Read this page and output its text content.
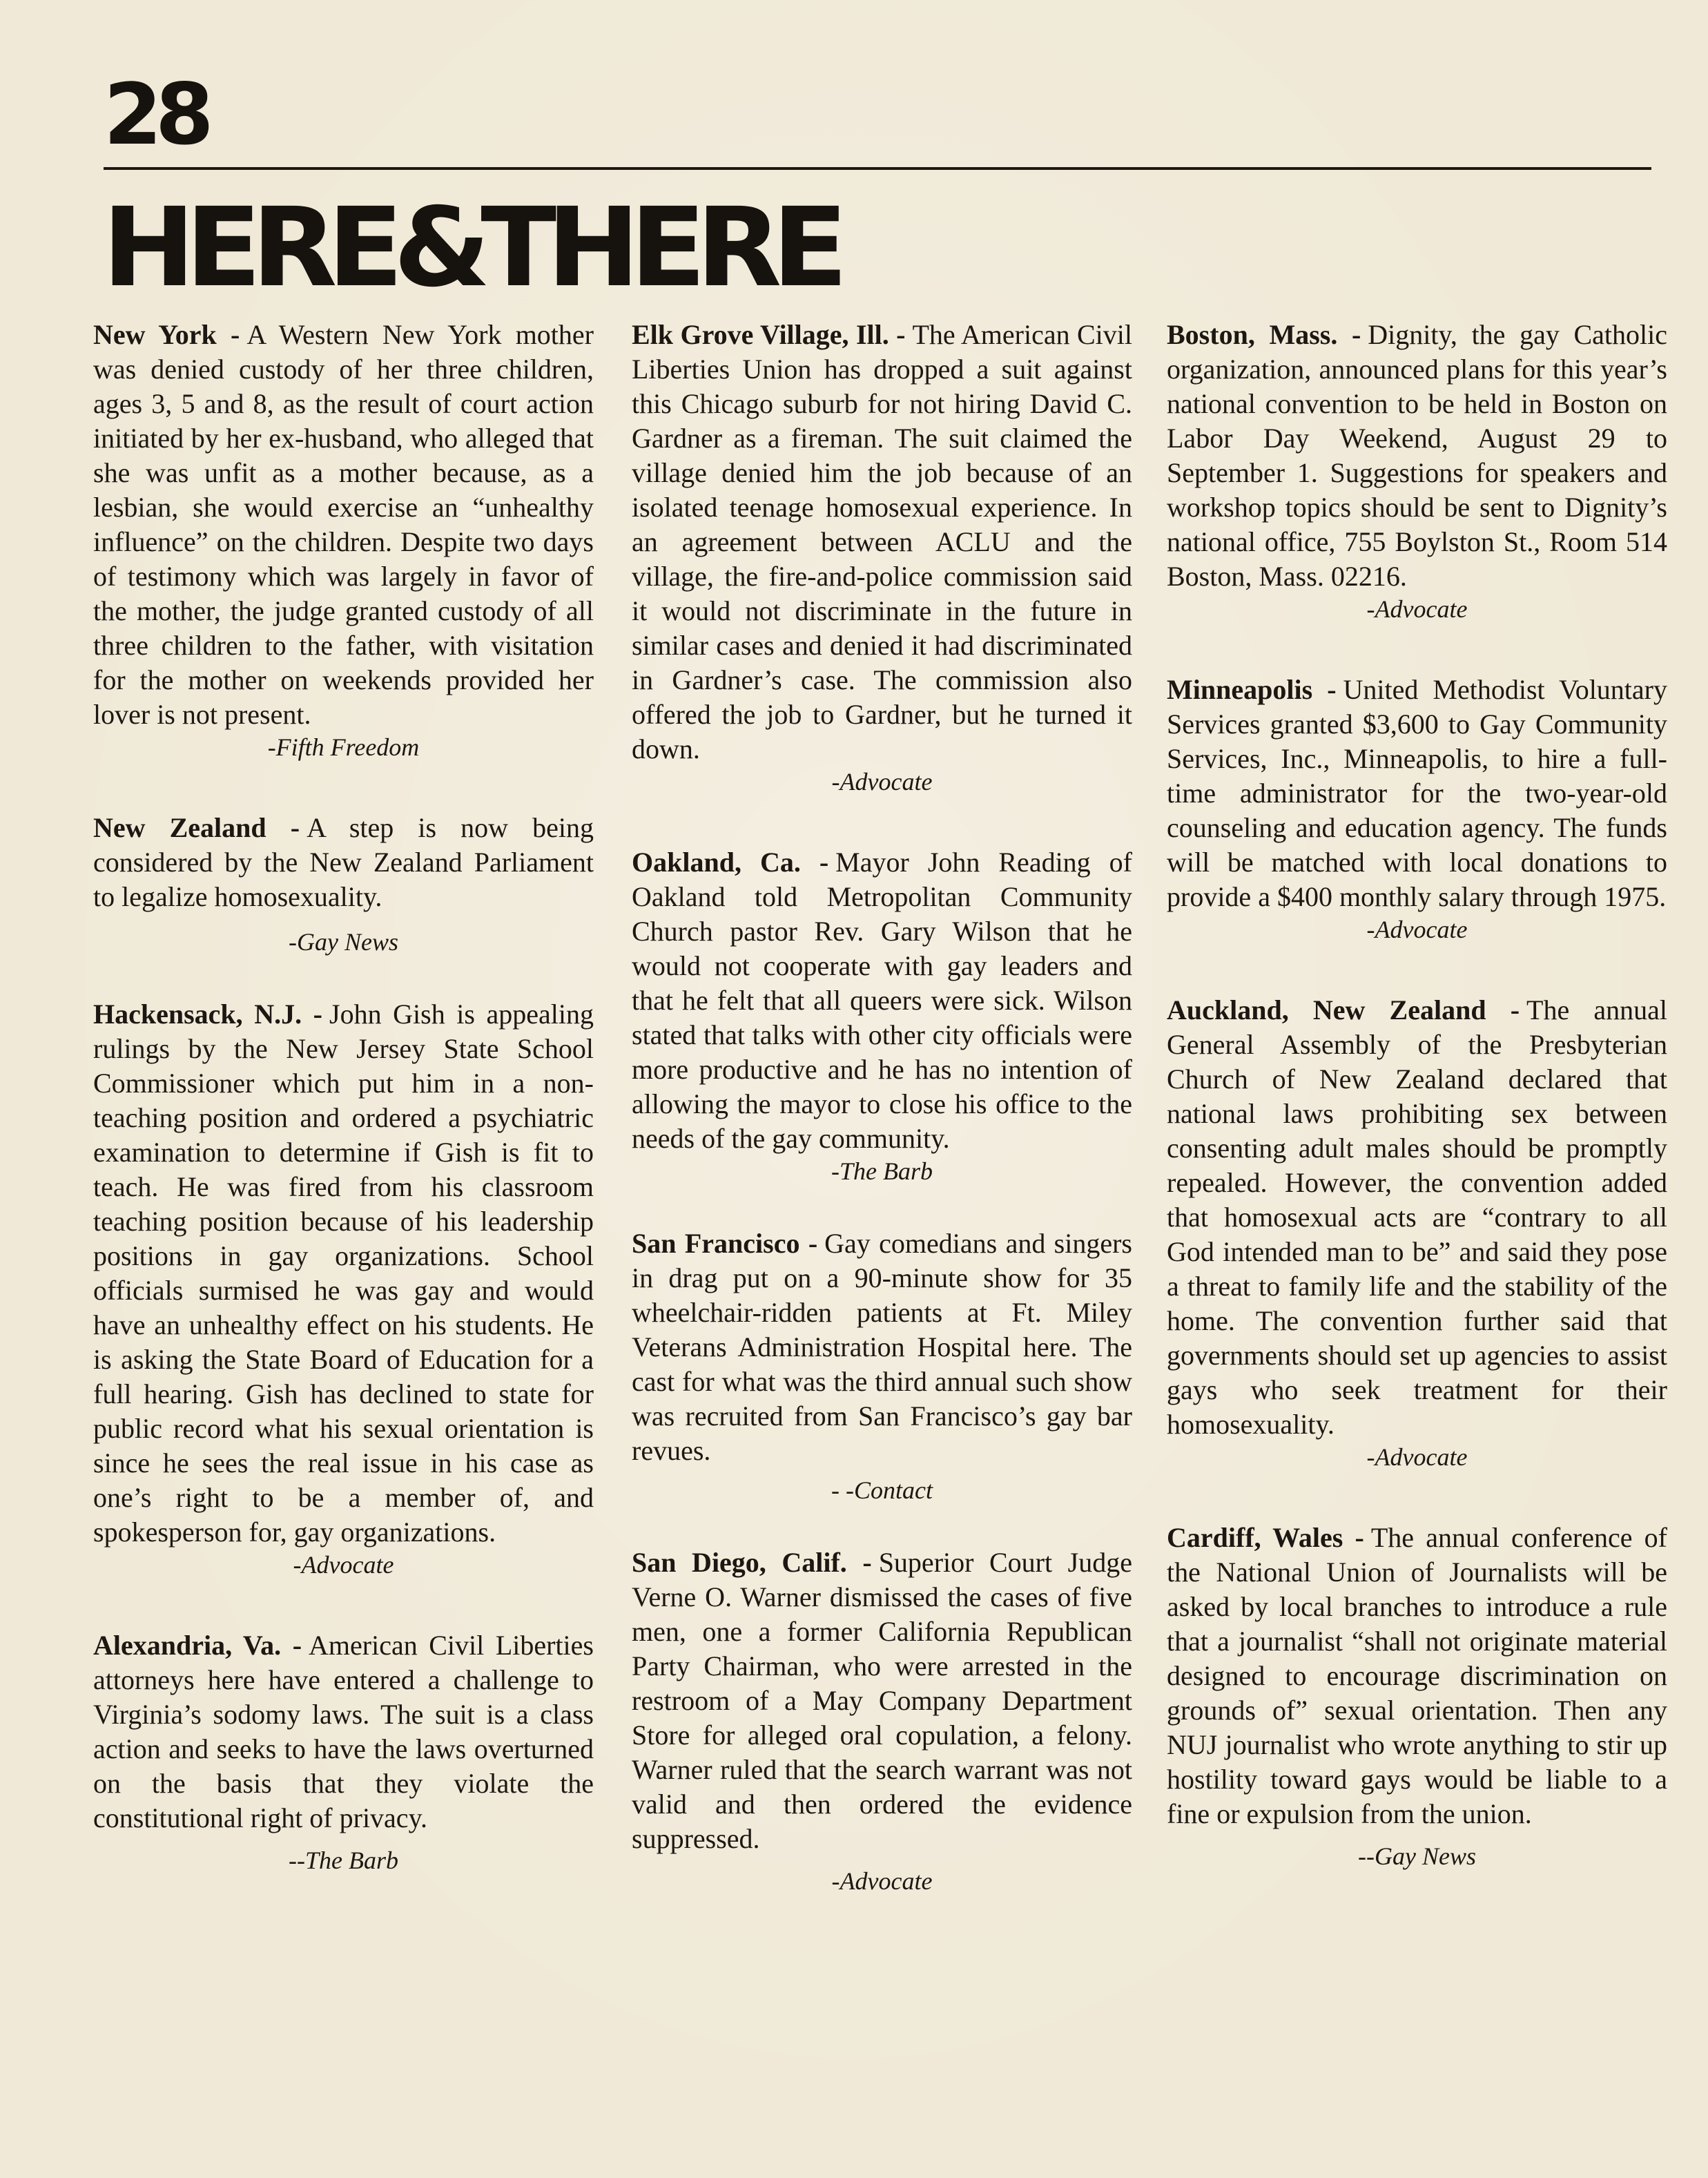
28
HERE&THERE

New York - A Western New York mother was denied custody of her three children, ages 3, 5 and 8, as the result of court action initiated by her ex-husband, who alleged that she was unfit as a mother because, as a lesbian, she would exercise an “unhealthy influence” on the children. Despite two days of testimony which was largely in favor of the mother, the judge granted custody of all three children to the father, with visitation for the mother on weekends provided her lover is not present.

-Fifth Freedom

New Zealand - A step is now being considered by the New Zealand Parliament to legalize homosexuality.

-Gay News

Hackensack, N.J. - John Gish is appealing rulings by the New Jersey State School Commissioner which put him in a non-teaching position and ordered a psychiatric examination to determine if Gish is fit to teach. He was fired from his classroom teaching position because of his leadership positions in gay organizations. School officials surmised he was gay and would have an unhealthy effect on his students. He is asking the State Board of Education for a full hearing. Gish has declined to state for public record what his sexual orientation is since he sees the real issue in his case as one’s right to be a member of, and spokesperson for, gay organizations.

-Advocate

Alexandria, Va. - American Civil Liberties attorneys here have entered a challenge to Virginia’s sodomy laws. The suit is a class action and seeks to have the laws overturned on the basis that they violate the constitutional right of privacy.

--The Barb

Elk Grove Village, Ill. - The American Civil Liberties Union has dropped a suit against this Chicago suburb for not hiring David C. Gardner as a fireman. The suit claimed the village denied him the job because of an isolated teenage homosexual experience. In an agreement between ACLU and the village, the fire-and-police commission said it would not discriminate in the future in similar cases and denied it had discriminated in Gardner’s case. The commission also offered the job to Gardner, but he turned it down.

-Advocate

Oakland, Ca. - Mayor John Reading of Oakland told Metropolitan Community Church pastor Rev. Gary Wilson that he would not cooperate with gay leaders and that he felt that all queers were sick. Wilson stated that talks with other city officials were more productive and he has no intention of allowing the mayor to close his office to the needs of the gay community.

-The Barb

San Francisco - Gay comedians and singers in drag put on a 90-minute show for 35 wheelchair-ridden patients at Ft. Miley Veterans Administration Hospital here. The cast for what was the third annual such show was recruited from San Francisco’s gay bar revues.

- -Contact

San Diego, Calif. - Superior Court Judge Verne O. Warner dismissed the cases of five men, one a former California Republican Party Chairman, who were arrested in the restroom of a May Company Department Store for alleged oral copulation, a felony. Warner ruled that the search warrant was not valid and then ordered the evidence suppressed.

-Advocate

Boston, Mass. - Dignity, the gay Catholic organization, announced plans for this year’s national convention to be held in Boston on Labor Day Weekend, August 29 to September 1. Suggestions for speakers and workshop topics should be sent to Dignity’s national office, 755 Boylston St., Room 514 Boston, Mass. 02216.

-Advocate

Minneapolis - United Methodist Voluntary Services granted $3,600 to Gay Community Services, Inc., Minneapolis, to hire a full-time administrator for the two-year-old counseling and education agency. The funds will be matched with local donations to provide a $400 monthly salary through 1975.

-Advocate

Auckland, New Zealand - The annual General Assembly of the Presbyterian Church of New Zealand declared that national laws prohibiting sex between consenting adult males should be promptly repealed. However, the convention added that homosexual acts are “contrary to all God intended man to be” and said they pose a threat to family life and the stability of the home. The convention further said that governments should set up agencies to assist gays who seek treatment for their homosexuality.

-Advocate

Cardiff, Wales - The annual conference of the National Union of Journalists will be asked by local branches to introduce a rule that a journalist “shall not originate material designed to encourage discrimination on grounds of” sexual orientation. Then any NUJ journalist who wrote anything to stir up hostility toward gays would be liable to a fine or expulsion from the union.

--Gay News
